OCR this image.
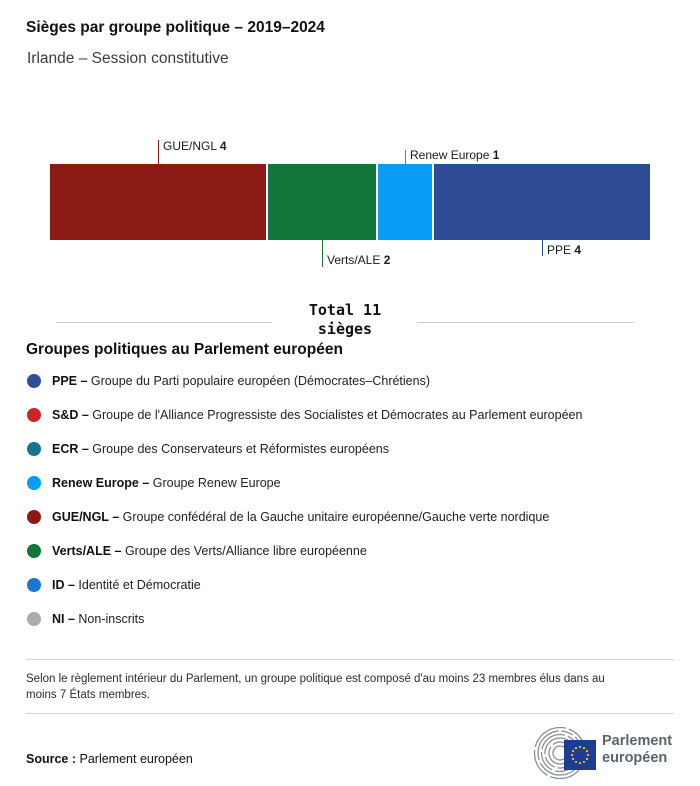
Sièges par groupe politique – 2019–2024
Irlande – Session constitutive
GUE/NGL 4
Verts/ALE 2
Renew Europe 1
PPE 4
Total 11
sièges
Groupes politiques au Parlement européen
PPE – Groupe du Parti populaire européen (Démocrates–Chrétiens)
S&D – Groupe de l'Alliance Progressiste des Socialistes et Démocrates au Parlement européen
ECR – Groupe des Conservateurs et Réformistes européens
Renew Europe – Groupe Renew Europe
GUE/NGL – Groupe confédéral de la Gauche unitaire européenne/Gauche verte nordique
Verts/ALE – Groupe des Verts/Alliance libre européenne
ID – Identité et Démocratie
NI – Non-inscrits
Selon le règlement intérieur du Parlement, un groupe politique est composé d'au moins 23 membres élus dans au moins 7 États membres.
Source : Parlement européen
Parlement
européen
